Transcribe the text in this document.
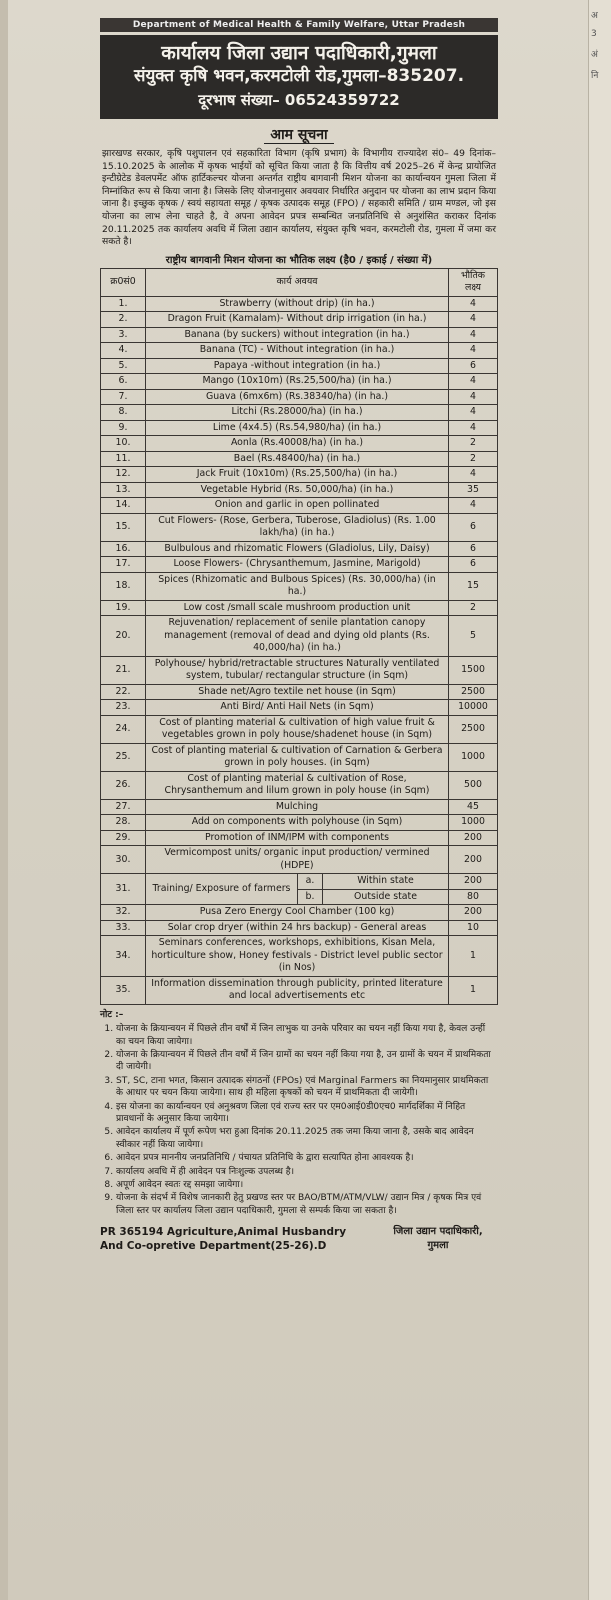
अ
3
अं
नि
Department of Medical Health & Family Welfare, Uttar Pradesh
कार्यालय जिला उद्यान पदाधिकारी,गुमला
संयुक्त कृषि भवन,करमटोली रोड,गुमला–835207.
दूरभाष संख्या– 06524359722
आम सूचना

झारखण्ड सरकार, कृषि पशुपालन एवं सहकारिता विभाग (कृषि प्रभाग) के विभागीय राज्यादेश सं0– 49 दिनांक– 15.10.2025 के आलोक में कृषक भाईयों को सूचित किया जाता है कि वित्तीय वर्ष 2025–26 में केन्द्र प्रायोजित इन्टीग्रेटेड डेवलपमेंट ऑफ हार्टिकल्चर योजना अन्तर्गत राष्ट्रीय बागवानी मिशन योजना का कार्यान्वयन गुमला जिला में निम्नांकित रूप से किया जाना है। जिसके लिए योजनानुसार अवयवार निर्धारित अनुदान पर योजना का लाभ प्रदान किया जाना है। इच्छुक कृषक / स्वयं सहायता समूह / कृषक उत्पादक समूह (FPO) / सहकारी समिति / ग्राम मण्डल, जो इस योजना का लाभ लेना चाहते है, वे अपना आवेदन प्रपत्र सम्बन्धित जनप्रतिनिधि से अनुशंसित कराकर दिनांक 20.11.2025 तक कार्यालय अवधि में जिला उद्यान कार्यालय, संयुक्त कृषि भवन, करमटोली रोड, गुमला में जमा कर सकते है।

राष्ट्रीय बागवानी मिशन योजना का भौतिक लक्ष्य (है0 / इकाई / संख्या में)
क्र0सं0	कार्य अवयव			भौतिक लक्ष्य
1.	Strawberry (without drip) (in ha.)			4
2.	Dragon Fruit (Kamalam)- Without drip irrigation (in ha.)			4
3.	Banana (by suckers) without integration (in ha.)			4
4.	Banana (TC) - Without integration (in ha.)			4
5.	Papaya -without integration (in ha.)			6
6.	Mango (10x10m) (Rs.25,500/ha) (in ha.)			4
7.	Guava (6mx6m) (Rs.38340/ha) (in ha.)			4
8.	Litchi (Rs.28000/ha) (in ha.)			4
9.	Lime (4x4.5) (Rs.54,980/ha) (in ha.)			4
10.	Aonla (Rs.40008/ha) (in ha.)			2
11.	Bael (Rs.48400/ha) (in ha.)			2
12.	Jack Fruit (10x10m) (Rs.25,500/ha) (in ha.)			4
13.	Vegetable Hybrid (Rs. 50,000/ha) (in ha.)			35
14.	Onion and garlic in open pollinated			4
15.	Cut Flowers- (Rose, Gerbera, Tuberose, Gladiolus) (Rs. 1.00 lakh/ha) (in ha.)			6
16.	Bulbulous and rhizomatic Flowers (Gladiolus, Lily, Daisy)			6
17.	Loose Flowers- (Chrysanthemum, Jasmine, Marigold)			6
18.	Spices (Rhizomatic and Bulbous Spices) (Rs. 30,000/ha) (in ha.)			15
19.	Low cost /small scale mushroom production unit			2
20.	Rejuvenation/ replacement of senile plantation canopy management (removal of dead and dying old plants (Rs. 40,000/ha) (in ha.)			5
21.	Polyhouse/ hybrid/retractable structures Naturally ventilated system, tubular/ rectangular structure (in Sqm)			1500
22.	Shade net/Agro textile net house (in Sqm)			2500
23.	Anti Bird/ Anti Hail Nets (in Sqm)			10000
24.	Cost of planting material & cultivation of high value fruit & vegetables grown in poly house/shadenet house (in Sqm)			2500
25.	Cost of planting material & cultivation of Carnation & Gerbera grown in poly houses. (in Sqm)			1000
26.	Cost of planting material & cultivation of Rose, Chrysanthemum and lilum grown in poly house (in Sqm)			500
27.	Mulching			45
28.	Add on components with polyhouse (in Sqm)			1000
29.	Promotion of INM/IPM with components			200
30.	Vermicompost units/ organic input production/ vermined (HDPE)			200
31.	Training/ Exposure of farmers	a.	Within state	200
		b.	Outside state	80
32.	Pusa Zero Energy Cool Chamber (100 kg)			200
33.	Solar crop dryer (within 24 hrs backup) - General areas			10
34.	Seminars conferences, workshops, exhibitions, Kisan Mela, horticulture show, Honey festivals - District level public sector (in Nos)			1
35.	Information dissemination through publicity, printed literature and local advertisements etc			1
नोट :–
1. योजना के क्रियान्वयन में पिछले तीन वर्षों में जिन लाभुक या उनके परिवार का चयन नहीं किया गया है, केवल उन्हीं का चयन किया जायेगा।
2. योजना के क्रियान्वयन में पिछले तीन वर्षों में जिन ग्रामों का चयन नहीं किया गया है, उन ग्रामों के चयन में प्राथमिकता दी जायेगी।
3. ST, SC, टाना भगत, किसान उत्पादक संगठनों (FPOs) एवं Marginal Farmers का नियमानुसार प्राथमिकता के आधार पर चयन किया जायेगा। साथ ही महिला कृषकों को चयन में प्राथमिकता दी जायेगी।
4. इस योजना का कार्यान्वयन एवं अनुश्रवण जिला एवं राज्य स्तर पर एम0आई0डी0एच0 मार्गदर्शिका में निहित प्रावधानों के अनुसार किया जायेगा।
5. आवेदन कार्यालय में पूर्ण रूपेण भरा हुआ दिनांक 20.11.2025 तक जमा किया जाना है, उसके बाद आवेदन स्वीकार नहीं किया जायेगा।
6. आवेदन प्रपत्र माननीय जनप्रतिनिधि / पंचायत प्रतिनिधि के द्वारा सत्यापित होना आवश्यक है।
7. कार्यालय अवधि में ही आवेदन पत्र निःशुल्क उपलब्ध है।
8. अपूर्ण आवेदन स्वतः रद्द समझा जायेगा।
9. योजना के संदर्भ में विशेष जानकारी हेतु प्रखण्ड स्तर पर BAO/BTM/ATM/VLW/ उद्यान मित्र / कृषक मित्र एवं जिला स्तर पर कार्यालय जिला उद्यान पदाधिकारी, गुमला से सम्पर्क किया जा सकता है।
PR 365194 Agriculture,Animal Husbandry
And Co-opretive Department(25-26).D
जिला उद्यान पदाधिकारी,
गुमला
